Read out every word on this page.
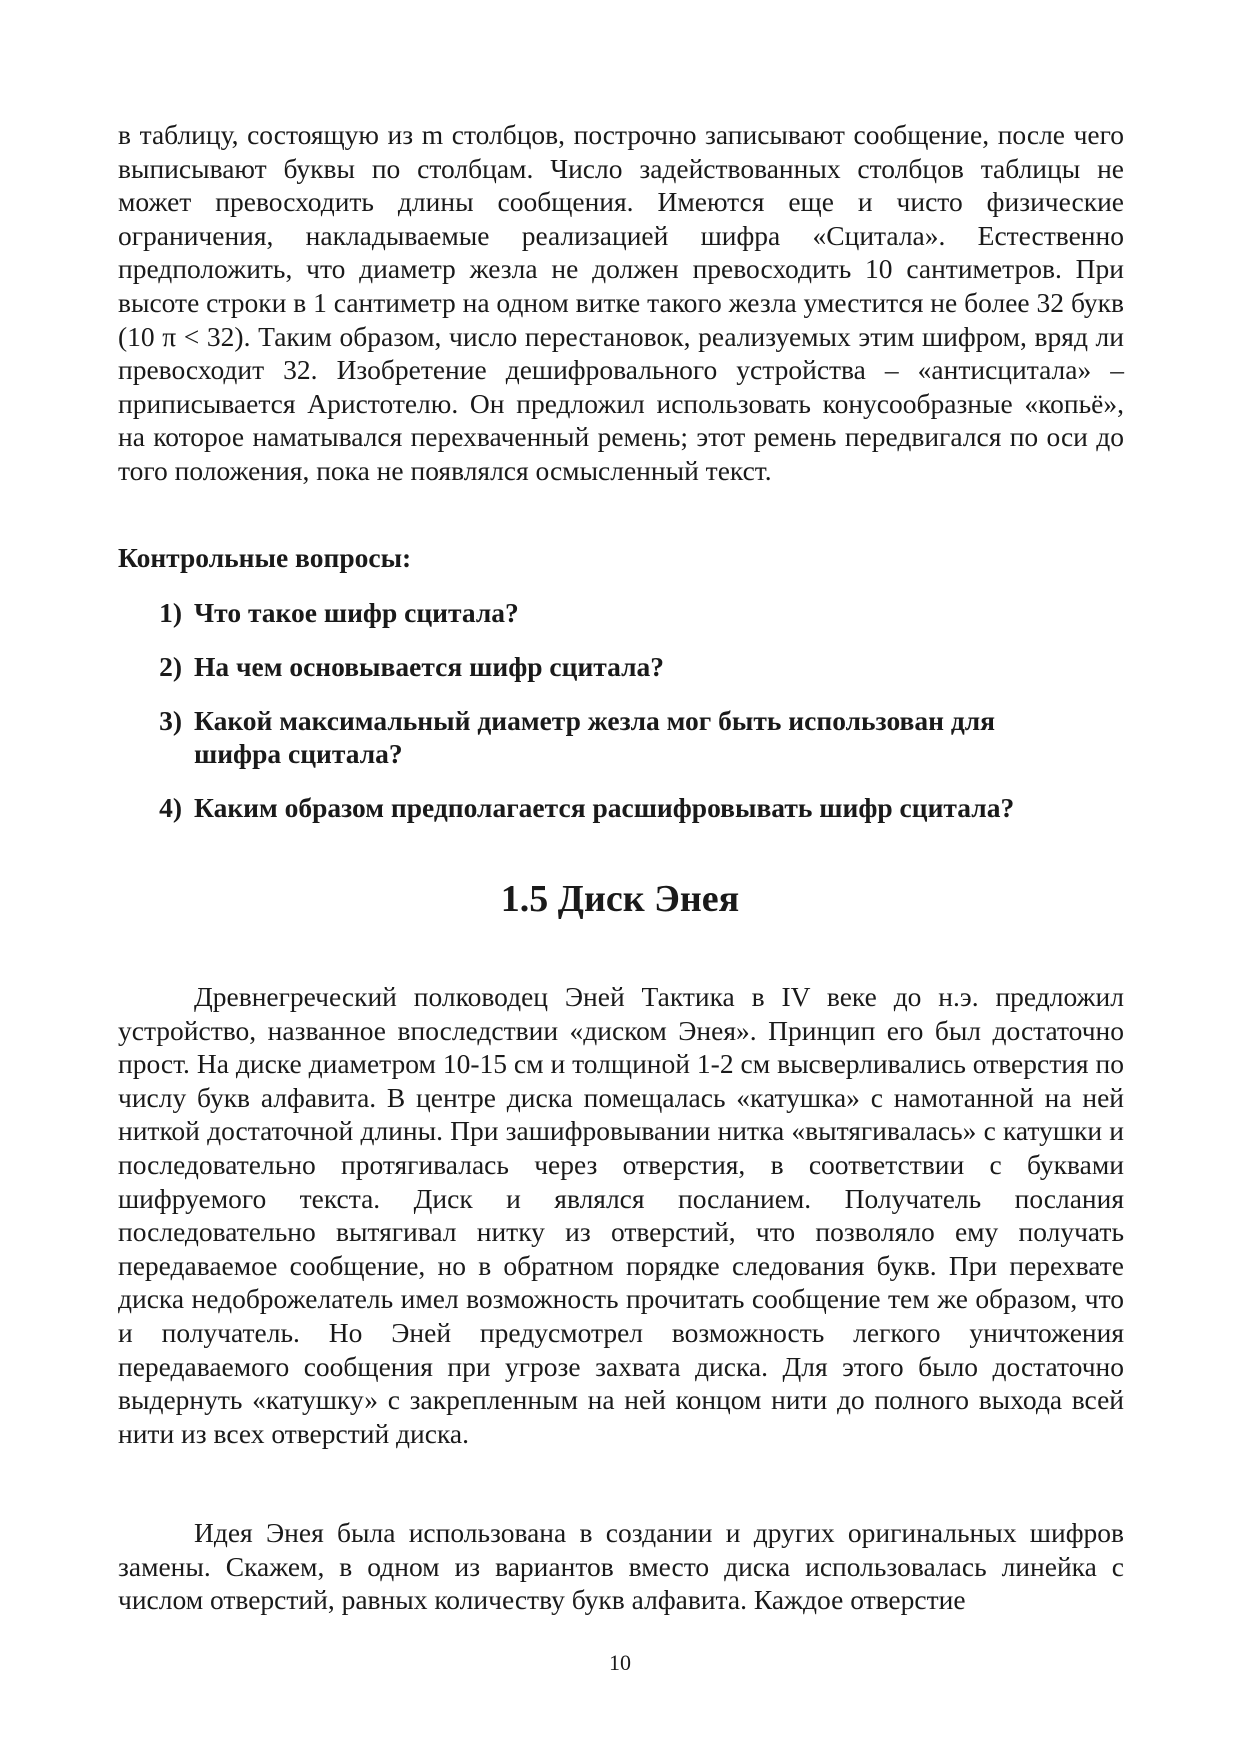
в таблицу, состоящую из m столбцов, построчно записывают сообщение, после чего выписывают буквы по столбцам. Число задействованных столбцов таблицы не может превосходить длины сообщения. Имеются еще и чисто физические ограничения, накладываемые реализацией шифра «Сцитала». Естественно предположить, что диаметр жезла не должен превосходить 10 сантиметров. При высоте строки в 1 сантиметр на одном витке такого жезла уместится не более 32 букв (10 π < 32). Таким образом, число перестановок, реализуемых этим шифром, вряд ли превосходит 32. Изобретение дешифровального устройства – «антисцитала» – приписывается Аристотелю. Он предложил использовать конусообразные «копьё», на которое наматывался перехваченный ремень; этот ремень передвигался по оси до того положения, пока не появлялся осмысленный текст.

Контрольные вопросы:

1) Что такое шифр сцитала?
2) На чем основывается шифр сцитала?
3) Какой максимальный диаметр жезла мог быть использован для шифра сцитала?
4) Каким образом предполагается расшифровывать шифр сцитала?
1.5 Диск Энея

Древнегреческий полководец Эней Тактика в IV веке до н.э. предложил устройство, названное впоследствии «диском Энея». Принцип его был достаточно прост. На диске диаметром 10-15 см и толщиной 1-2 см высверливались отверстия по числу букв алфавита. В центре диска помещалась «катушка» с намотанной на ней ниткой достаточной длины. При зашифровывании нитка «вытягивалась» с катушки и последовательно протягивалась через отверстия, в соответствии с буквами шифруемого текста. Диск и являлся посланием. Получатель послания последовательно вытягивал нитку из отверстий, что позволяло ему получать передаваемое сообщение, но в обратном порядке следования букв. При перехвате диска недоброжелатель имел возможность прочитать сообщение тем же образом, что и получатель. Но Эней предусмотрел возможность легкого уничтожения передаваемого сообщения при угрозе захвата диска. Для этого было достаточно выдернуть «катушку» с закрепленным на ней концом нити до полного выхода всей нити из всех отверстий диска.

Идея Энея была использована в создании и других оригинальных шифров замены. Скажем, в одном из вариантов вместо диска использовалась линейка с числом отверстий, равных количеству букв алфавита. Каждое отверстие

10
